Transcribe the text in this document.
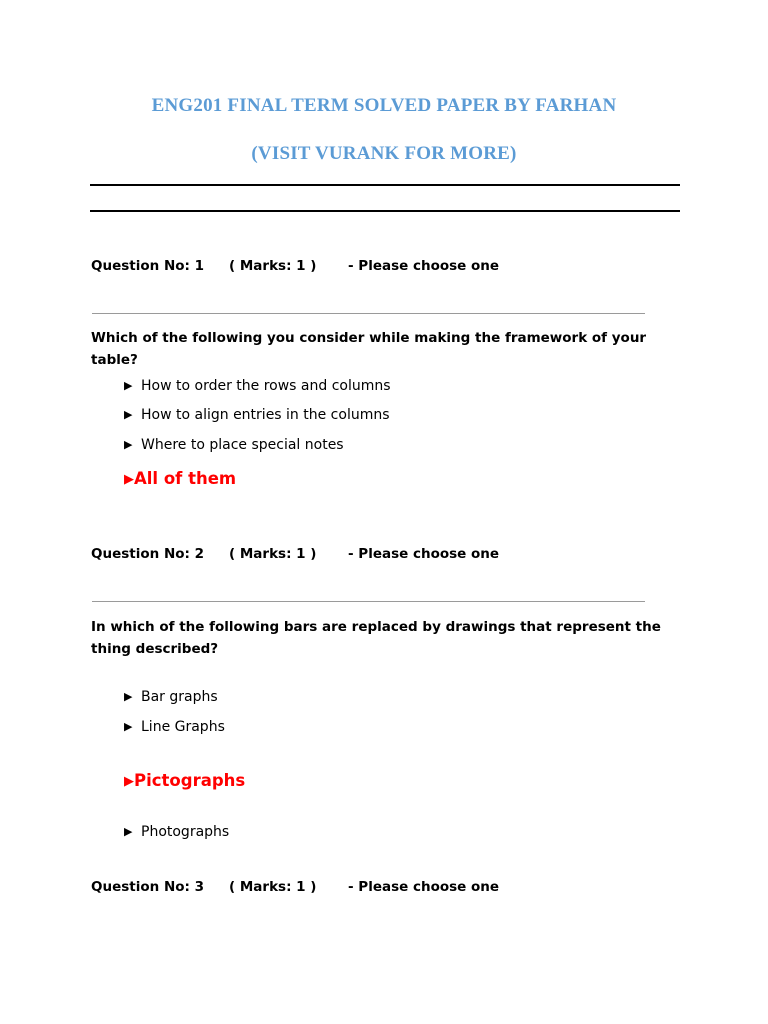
ENG201 FINAL TERM SOLVED PAPER BY FARHAN
(VISIT VURANK FOR MORE)

Question No: 1

( Marks: 1 )

- Please choose one

Which of the following you consider while making the framework of your table?
▶ How to order the rows and columns
▶ How to align entries in the columns
▶ Where to place special notes
▶All of them

Question No: 2

( Marks: 1 )

- Please choose one

In which of the following bars are replaced by drawings that represent the thing described?
▶ Bar graphs
▶ Line Graphs
▶Pictographs
▶ Photographs

Question No: 3

( Marks: 1 )

- Please choose one
